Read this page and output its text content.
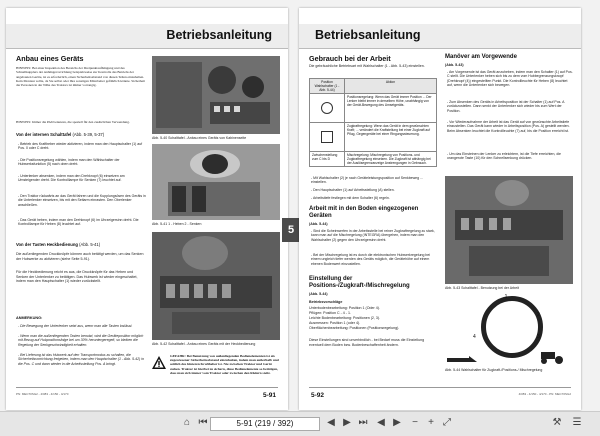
Betriebsanleitung
Anbau eines Geräts
HINWEIS: Bei einer Inspektion des Bereichs der Dreipunktaufhängung und des Schnellkupplers der Anhängevorrichtung beispielsweise zur Kontrolle des Betriebs der angebauten Geräte, ist es erforderlich, einen Sicherheitsabstand von diesen Teilen einzuhalten. Kein Monteur sollte, da Sie selbst oder Ihre sonstigen Mitarbeiter gefährlich könnte. Sicherheit der Personen in der Nähe des Traktors ist immer vorrangig.
HINWEIS: Immer die PA6 benutzen, die speziell für den zusätzlichen Verwendung.
Von der internen Schalttafel (Abb. 5-39, 5-37)
- Betrieb des Kraftheber wieder aktivieren, indem man den Hauptschalter (1) auf Pos. 0 oder C dreht.
- Die Positionsregelung wählen, indem man den Wählschalter der Hubwerksfunktion (5) nach oben dreht.
- Unterlenker absenken, indem man den Drehknopf (6) einsetzen am Umsteigender dreht. Die Kontrolllampe für Senken (7) leuchtet auf.
- Den Traktor rückwärts an das Gerät fahren und die Kupplungsösen des Geräts in die Unterlenker einsetzen, bis mit den Seitarm einrasten. Den Oberlenker anschließen.
- Das Gerät heben, indem man den Drehknopf (6) im Uhrzeigersinn dreht. Die Kontrolllampe für Heben (8) leuchtet auf.
Von der Tasten Heckbedienung (Abb. 5-41)
Die außenliegenden Druckknöpfe können auch betätigt werden, um das Senken der Hubwerke zu aktivieren (siehe Seite 5-91).
Für die Heckbedienung reicht es aus, die Druckknöpfe für das Heben und Senken der Unterlenker zu betätigen. Das Hubwerk ist wieder eingeschaltet, indem man den Hauptschalter (1) wieder zurückstellt.
ANMERKUNG:
- Die Bewegung der Unterlenker setzt aus, wenn man alle Tasten loslässt.
- Wenn man die außenliegenden Tasten benutzt, wird die Geräteposition möglich mit Bezug auf Hubpositionsfolge bei um 30% heruntergeregelt, so bleiben die Regelung der Senkgeschwindigkeit erhalten.
- Bei Lieferung ist das Hubwerk auf den Transportmodus zu schalten, die Sicherheitsvorrichtung freigeben, indem man den Hauptschalter (1 - Abb. 5-42) in die Pos. C und dann wieder in die Arbeitsstellung Pos. A bringt.
Abb. 5-40 Schalttafel - Anbau eines Geräts von Kabinenseite
Abb. 5-41 1 - Heben 2 - Senken
Abb. 5-42 Schalttafel - Anbau eines Geräts mit der Heckbedienung
GEFAHR: Bei Benutzung von außenliegenden Bedienelementen ist als zugewiesener Sicherheitsabstand einzuhalten, indem man außerhalb und seitlich des hinteren Kraftheber ist. Nie zwischen Traktor und Gerät stehen. Traktor ist hierbei zu sichern, diese Bedienelemente so betätigen, dass man sich immer vom Traktor oder zwischen den Rädern steht.
PN: MEC70SG2 - 4/083 - 4/150 - 4/170	5-91
5
Betriebsanleitung
Gebrauch bei der Arbeit
Die gebräuchliche Betriebsart mit Wahlschalter (1 - Abb. 5-43) einstellen.
Position Wahlschalter (1 - Abb. 5-44)	Aktion
	Positionsregelung: Wenn das Gerät immer Position ... Der Lenker bleibt immer in derselben Höhe, unabhängig von der Gerät-Bewegung des Umsetgeräts.
	Zugkraftregelung: Wenn das Gerät in dem gewünschten Kraft; ... verändert die Kraftstellung bei einer Zugkraft auf Pflug, Gegengeräte bei einer Ringungssteuerung.
Zwischenstellung zum C bis D	Mischregelung: Mischregelung von Positions- und Zugkraftregelung einsetzen. Die Zugkraft ist abhängig bei der Auslösegrenzanzeige Anstrengungen in Gebrauch.
- Mit Wahlschalter (2) je nach Geräteleistungsposition auf Senkbeweg ... einstellen.
- Den Hauptschalter (1) auf Arbeitsstellung (A) stellen.
- Arbeitstiefe festlegen mit dem Schalter (6) regeln.
Arbeit mit in den Boden eingezogenen Geräten
(Abb. 5-44)
- Sind die Scheinwerfen in der Arbeitsstelle bei reiner Zugkraftregelung zu stark, kann man auf die Mischregelung (INTEGRA) übergehen, indem man den Wahlschalter (2) gegen den Uhrzeigersinn dreht.
- Bei der Mischregelung ist es durch die elektronischen Hubwerkregelung bei einem ungleich tiefer werden des Geräts möglich, die Gerätehöhe auf einem ebenen Bodenwert einzustellen.
Einstellung der Positions-/Zugkraft-/Mischregelung
(Abb. 5-44)
Betriebsvorschläge
Unterbodenbearbeitung: Position 1 (Oder 4).
Pflügen: Position C - 4 - 1.
Leichte Bodenbearbeitung: Positionen (2, 3).
Ausmessen: Position 1 (oder 4).
Oberflächenbearbeitung: Positionen (Positionsregelung).
Diese Einstellungen sind unverbindlich - bei Bedarf muss die Einstellung eventuell dem Boden bzw. Bodenbeschaffenheit ändern.
Manöver am Vorgewende
(Abb. 5-43)
- Am Vorgewende ist das Gerät anzuheben, indem man den Schalter (1) auf Pos. C stellt. Die Unterlenker heben sich bis zu dem vom Hubbegrenzungsknopf (Drehknopf (4)) eingestellten Punkt. Die Kontrollleuchte für Heben (8) leuchtet auf, wenn die Unterlenker sich bewegen.
- Zum Absenken des Geräts in Arbeitsposition ist der Schalter (1) auf Pos. A zurückzustellen. Dann senkt der Unterlenker sich wieder bis zum Wert der Position.
- Vor Wiederaufnahme der Arbeit ist das Gerät auf von gewünschte Arbeitstiefe einzustellen. Das Gerät kann wieder in Arbeitsposition (Pos. A) gestellt werden. Beim Absenken leuchtet die Kontrollleuchte (7) auf, bis die Position erreicht ist.
- Um das Einsteinen der Lenker zu erleichtern, ist die Tiefe erreichten, die orangerote Taste (10) für den Schnellsenkung drücken.
Abb. 5-43 Schalttafel - Benutzung bei der Arbeit
1
2
3
4
Abb. 5-44 Wahlschalter für Zugkraft-/Positions-/ Mischregelung
4/083 - 4/150 - 4/170 - PN: MEC70SG2
5-92
⌂ ⏮	5-91 (219 / 392)	◀ ▶ ⏭ ◀ ▶	−	+ ⤢	⚒ ☰
